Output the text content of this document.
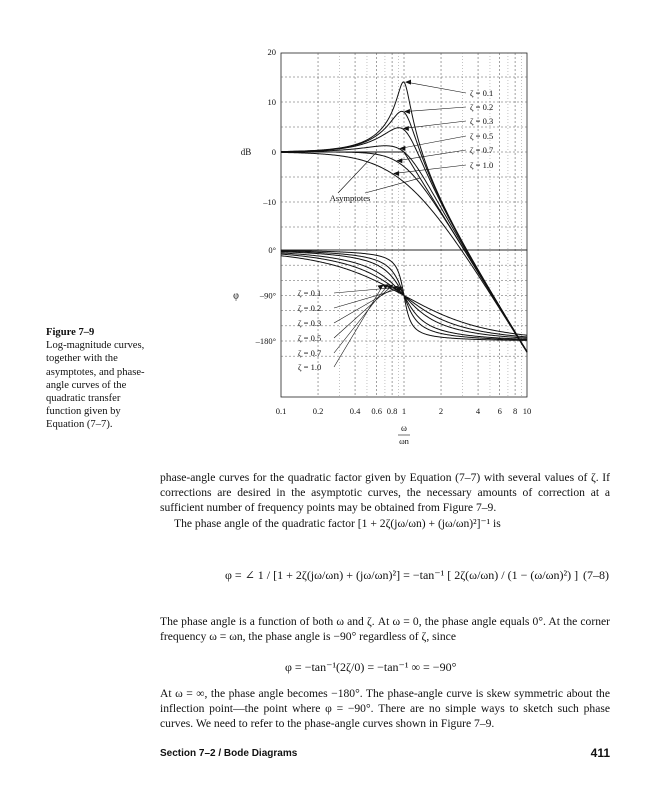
20
10
0
–10
dB
0°
–90°
–180°
φ
0.1	0.2	0.4 0.6 0.8 1	2	4 6 8 10
ω
ωn
ζ = 0.1
ζ = 0.2
ζ = 0.3
ζ = 0.5
ζ = 0.7
ζ = 1.0
Asymptotes
ζ = 0.1
ζ = 0.2
ζ = 0.3
ζ = 0.5
ζ = 0.7
ζ = 1.0
Figure 7–9
Log-magnitude curves, together with the asymptotes, and phase-angle curves of the quadratic transfer function given by Equation (7–7).

phase-angle curves for the quadratic factor given by Equation (7–7) with several values of ζ. If corrections are desired in the asymptotic curves, the necessary amounts of correction at a sufficient number of frequency points may be obtained from Figure 7–9.

The phase angle of the quadratic factor [1 + 2ζ(jω/ωn) + (jω/ωn)²]⁻¹ is

φ = ∠ 1 / [1 + 2ζ(jω/ωn) + (jω/ωn)²] = −tan⁻¹ [ 2ζ(ω/ωn) / (1 − (ω/ωn)²) ] (7–8)

The phase angle is a function of both ω and ζ. At ω = 0, the phase angle equals 0°. At the corner frequency ω = ωn, the phase angle is −90° regardless of ζ, since

φ = −tan⁻¹(2ζ/0) = −tan⁻¹ ∞ = −90°

At ω = ∞, the phase angle becomes −180°. The phase-angle curve is skew symmetric about the inflection point—the point where φ = −90°. There are no simple ways to sketch such phase curves. We need to refer to the phase-angle curves shown in Figure 7–9.

Section 7–2 / Bode Diagrams	411
